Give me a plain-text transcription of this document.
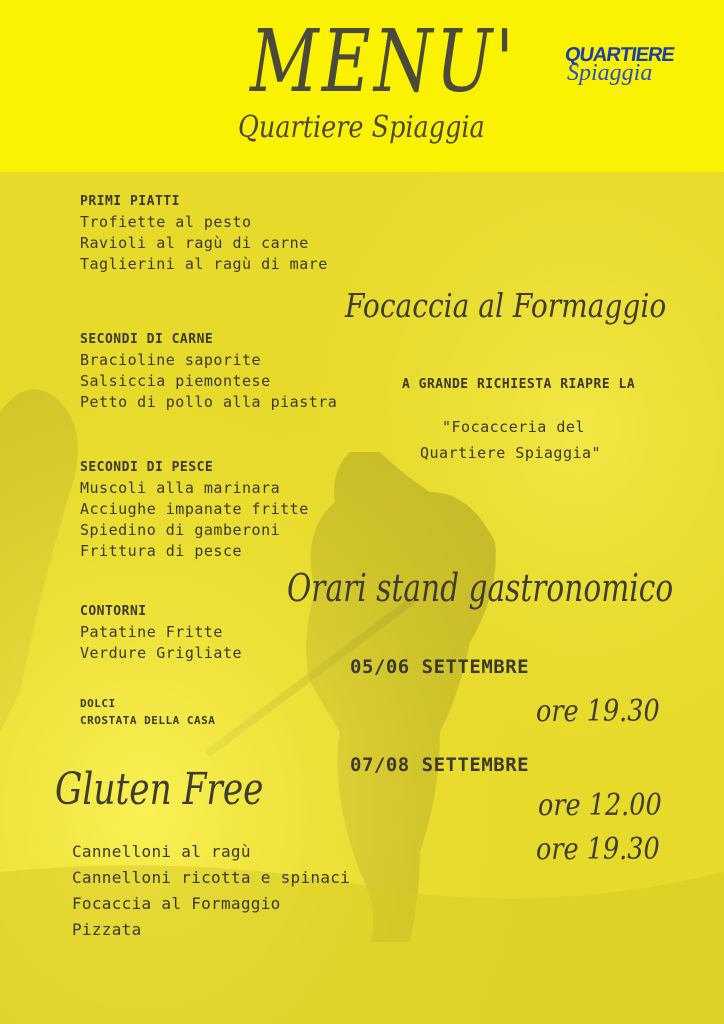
MENU'
Quartiere Spiaggia
QUARTIERE
Spiaggia
PRIMI PIATTI
Trofiette al pesto
Ravioli al ragù di carne
Taglierini al ragù di mare
SECONDI DI CARNE
Braciolinе saporite
Salsiccia piemontese
Petto di pollo alla piastra
SECONDI DI PESCE
Muscoli alla marinara
Acciughe impanate fritte
Spiedino di gamberoni
Frittura di pesce
CONTORNI
Patatine Fritte
Verdure Grigliate
DOLCI
CROSTATA DELLA CASA
Focaccia al Formaggio
A GRANDE RICHIESTA RIAPRE LA
"Focacceria del
Quartiere Spiaggia"
Orari stand gastronomico
05/06 SETTEMBRE
ore 19.30
07/08 SETTEMBRE
ore 12.00
ore 19.30
Gluten Free
Cannelloni al ragù
Cannelloni ricotta e spinaci
Focaccia al Formaggio
Pizzata
